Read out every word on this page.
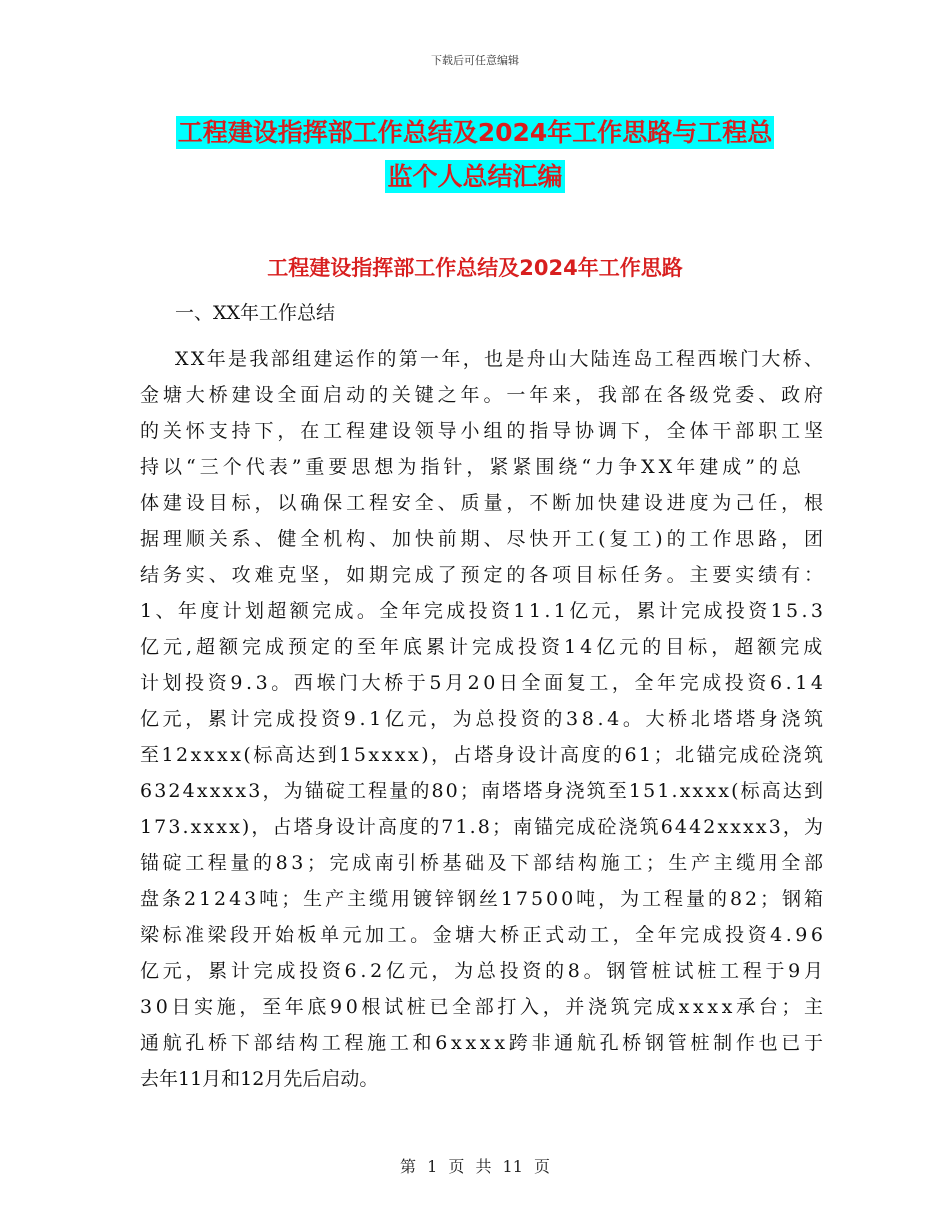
下载后可任意编辑
工程建设指挥部工作总结及2024年工作思路与工程总
监个人总结汇编
工程建设指挥部工作总结及2024年工作思路
一、XX年工作总结
XX年是我部组建运作的第一年，也是舟山大陆连岛工程西堠门大桥、
金塘大桥建设全面启动的关键之年。一年来，我部在各级党委、政府
的关怀支持下，在工程建设领导小组的指导协调下，全体干部职工坚
持以“三个代表”重要思想为指针，紧紧围绕“力争XX年建成”的总
体建设目标，以确保工程安全、质量，不断加快建设进度为己任，根
据理顺关系、健全机构、加快前期、尽快开工(复工)的工作思路，团
结务实、攻难克坚，如期完成了预定的各项目标任务。主要实绩有：
1、年度计划超额完成。全年完成投资11.1亿元，累计完成投资15.3
亿元,超额完成预定的至年底累计完成投资14亿元的目标，超额完成
计划投资9.3。西堠门大桥于5月20日全面复工，全年完成投资6.14
亿元，累计完成投资9.1亿元，为总投资的38.4。大桥北塔塔身浇筑
至12xxxx(标高达到15xxxx)，占塔身设计高度的61；北锚完成砼浇筑
6324xxxx3，为锚碇工程量的80；南塔塔身浇筑至151.xxxx(标高达到
173.xxxx)，占塔身设计高度的71.8；南锚完成砼浇筑6442xxxx3，为
锚碇工程量的83；完成南引桥基础及下部结构施工；生产主缆用全部
盘条21243吨；生产主缆用镀锌钢丝17500吨，为工程量的82；钢箱
梁标准梁段开始板单元加工。金塘大桥正式动工，全年完成投资4.96
亿元，累计完成投资6.2亿元，为总投资的8。钢管桩试桩工程于9月
30日实施，至年底90根试桩已全部打入，并浇筑完成xxxx承台；主
通航孔桥下部结构工程施工和6xxxx跨非通航孔桥钢管桩制作也已于
去年11月和12月先后启动。
第 1 页 共 11 页
